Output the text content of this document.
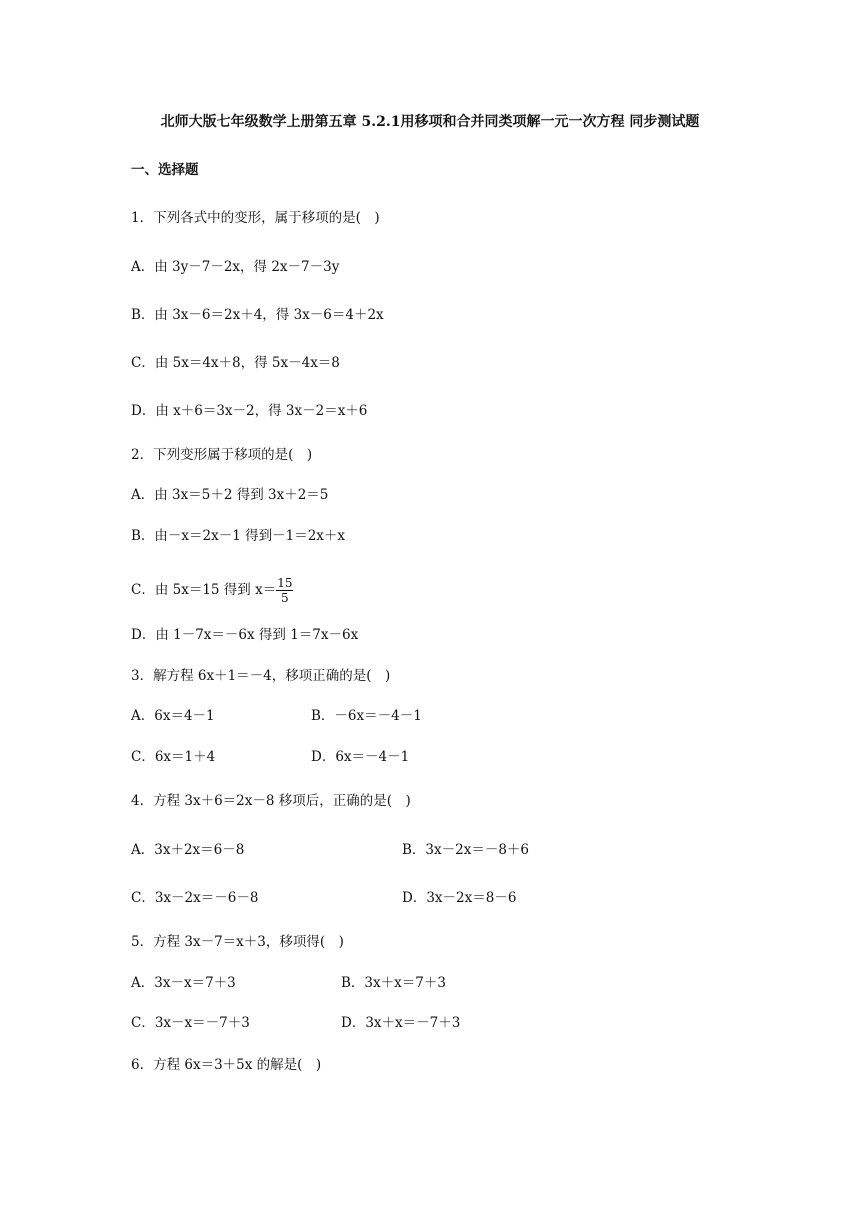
北师大版七年级数学上册第五章 5.2.1用移项和合并同类项解一元一次方程 同步测试题
一、选择题
1．下列各式中的变形，属于移项的是(　)
A．由 3y－7－2x，得 2x－7－3y
B．由 3x－6＝2x＋4，得 3x－6＝4＋2x
C．由 5x＝4x＋8，得 5x－4x＝8
D．由 x＋6＝3x－2，得 3x－2＝x＋6
2．下列变形属于移项的是(　)
A．由 3x＝5＋2 得到 3x＋2＝5
B．由－x＝2x－1 得到－1＝2x＋x
C．由 5x＝15 得到 $x= \frac{15}{5}$
D．由 1－7x＝－6x 得到 1＝7x－6x
3．解方程 6x＋1＝－4，移项正确的是(　)
A．6x＝4－1	B．－6x＝－4－1
C．6x＝1＋4	D．6x＝－4－1
4．方程 3x＋6＝2x－8 移项后，正确的是(　)
A．3x＋2x＝6－8	B．3x－2x＝－8＋6
C．3x－2x＝－6－8	D．3x－2x＝8－6
5．方程 3x－7＝x＋3，移项得(　)
A．3x－x＝7＋3	B．3x＋x＝7＋3
C．3x－x＝－7＋3	D．3x＋x＝－7＋3
6．方程 6x＝3＋5x 的解是(　)
